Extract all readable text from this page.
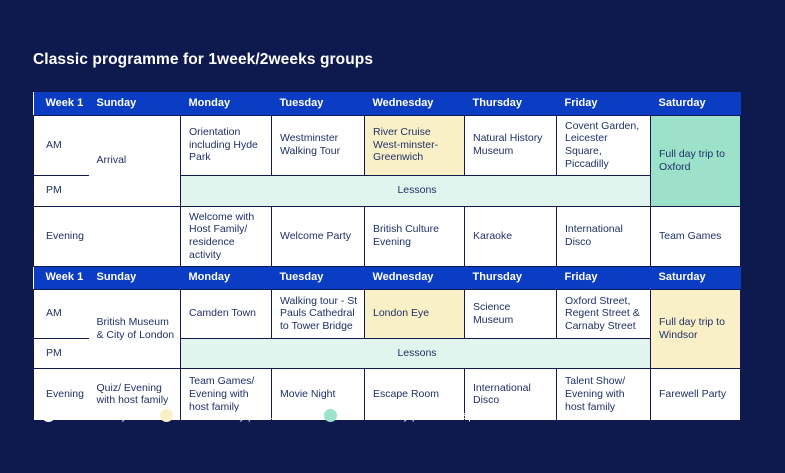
Classic programme for 1week/2weeks groups
Week 1	Sunday	Monday	Tuesday	Wednesday	Thursday	Friday	Saturday
AM	Arrival	Orientation including Hyde Park	Westminster Walking Tour	River Cruise West-minster-Greenwich	Natural History Museum	Covent Garden, Leicester Square, Piccadilly	Full day trip to Oxford
PM		Lessons					
Evening		Welcome with Host Family/ residence activity	Welcome Party	British Culture Evening	Karaoke	International Disco	Team Games
Week 1	Sunday	Monday	Tuesday	Wednesday	Thursday	Friday	Saturday
AM	British Museum & City of London	Camden Town	Walking tour - St Pauls Cathedral to Tower Bridge	London Eye	Science Museum	Oxford Street, Regent Street & Carnaby Street	Full day trip to Windsor
PM		Lessons					
Evening	Quiz/ Evening with host family	Team Games/ Evening with host family	Movie Night	Escape Room	International Disco	Talent Show/ Evening with host family	Farewell Party
Local activity	Excursion by private coach	Excursion by public transport
